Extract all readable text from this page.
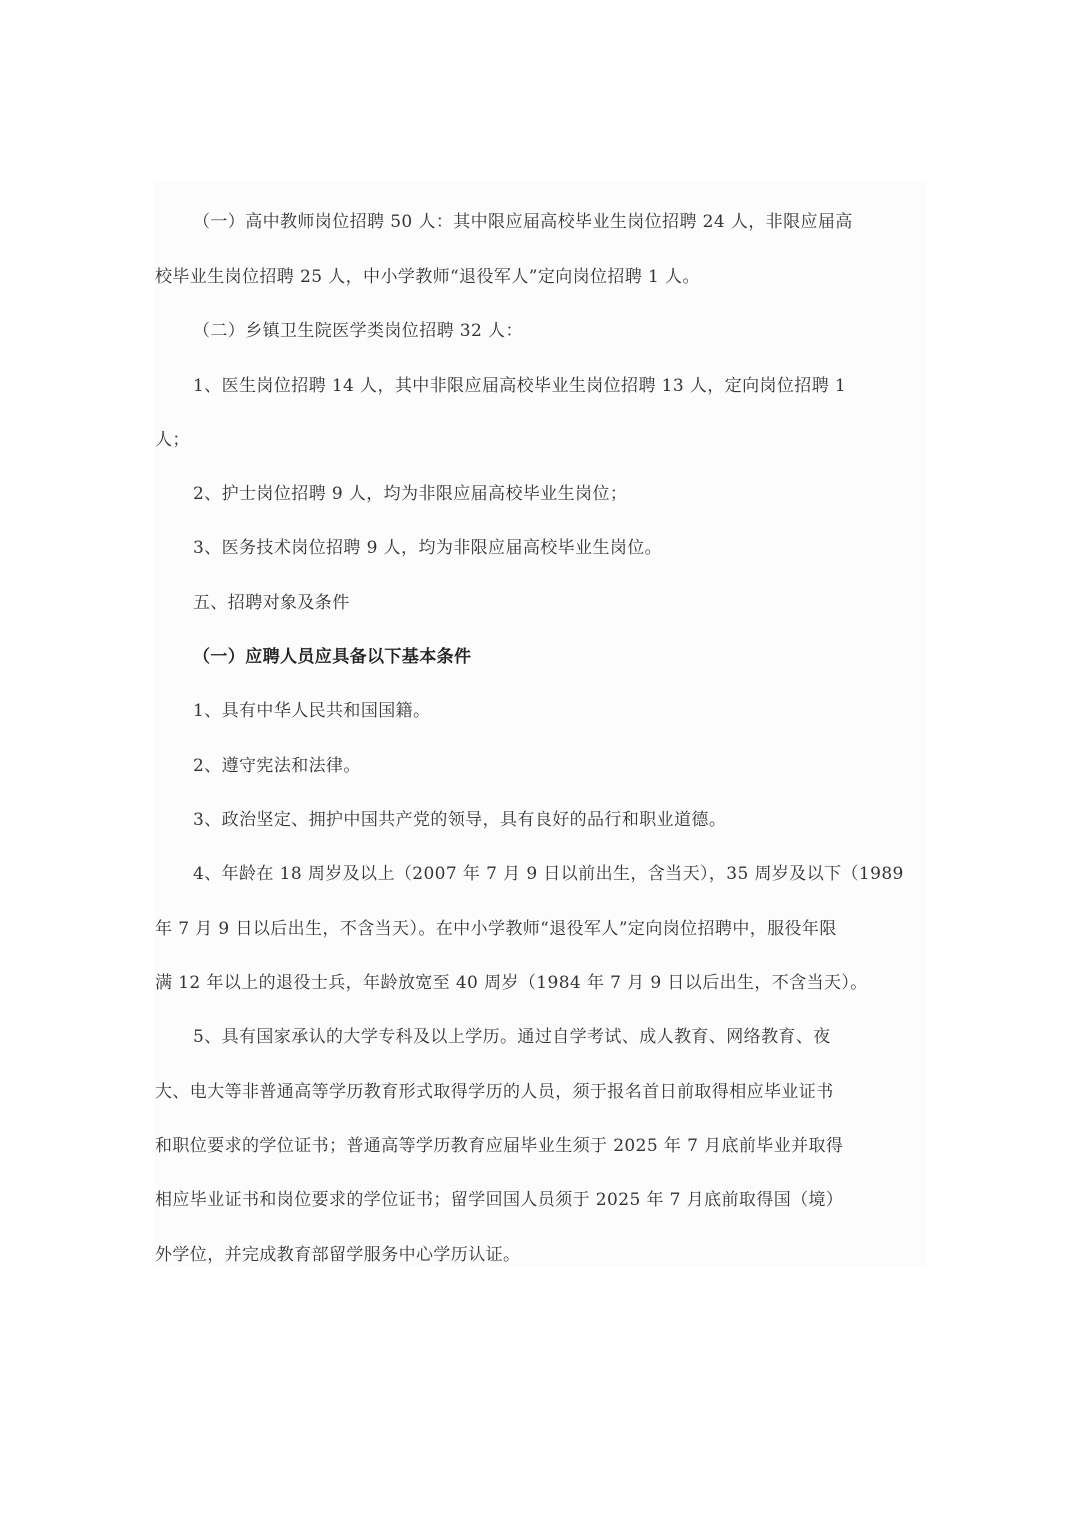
（一）高中教师岗位招聘 50 人：其中限应届高校毕业生岗位招聘 24 人，非限应届高
校毕业生岗位招聘 25 人，中小学教师“退役军人”定向岗位招聘 1 人。
（二）乡镇卫生院医学类岗位招聘 32 人：
1、医生岗位招聘 14 人，其中非限应届高校毕业生岗位招聘 13 人，定向岗位招聘 1
人；
2、护士岗位招聘 9 人，均为非限应届高校毕业生岗位；
3、医务技术岗位招聘 9 人，均为非限应届高校毕业生岗位。
五、招聘对象及条件
（一）应聘人员应具备以下基本条件
1、具有中华人民共和国国籍。
2、遵守宪法和法律。
3、政治坚定、拥护中国共产党的领导，具有良好的品行和职业道德。
4、年龄在 18 周岁及以上（2007 年 7 月 9 日以前出生，含当天），35 周岁及以下（1989
年 7 月 9 日以后出生，不含当天）。在中小学教师“退役军人”定向岗位招聘中，服役年限
满 12 年以上的退役士兵，年龄放宽至 40 周岁（1984 年 7 月 9 日以后出生，不含当天）。
5、具有国家承认的大学专科及以上学历。通过自学考试、成人教育、网络教育、夜
大、电大等非普通高等学历教育形式取得学历的人员，须于报名首日前取得相应毕业证书
和职位要求的学位证书；普通高等学历教育应届毕业生须于 2025 年 7 月底前毕业并取得
相应毕业证书和岗位要求的学位证书；留学回国人员须于 2025 年 7 月底前取得国（境）
外学位，并完成教育部留学服务中心学历认证。
